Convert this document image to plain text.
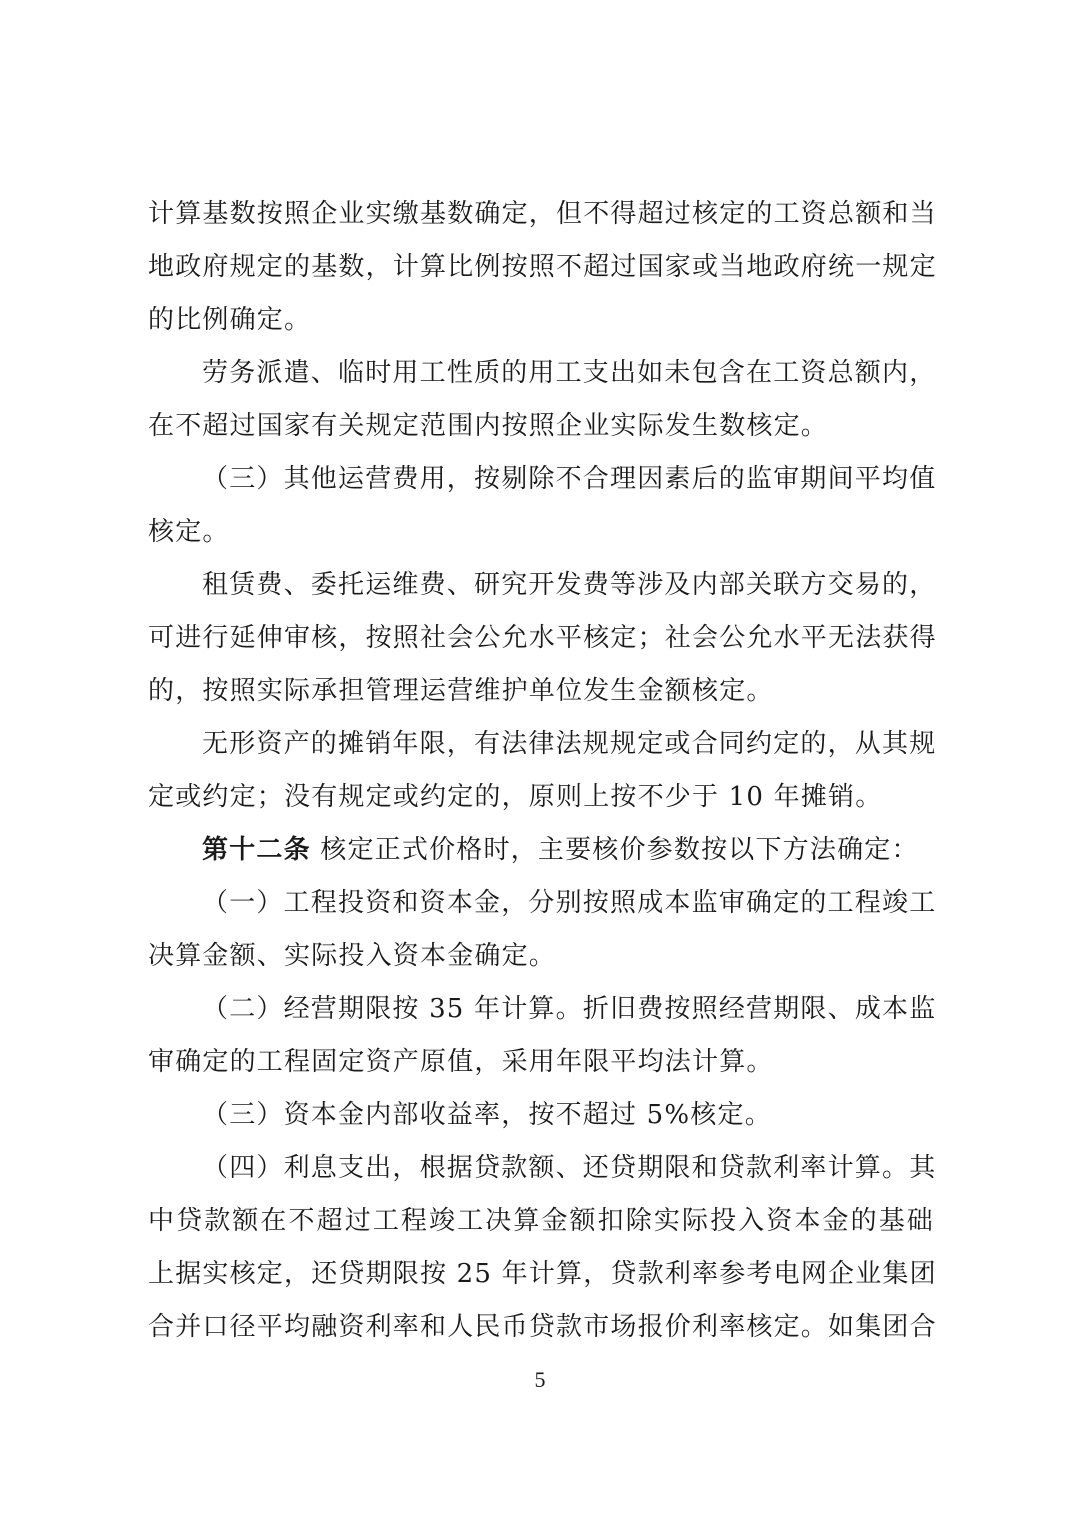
计算基数按照企业实缴基数确定，但不得超过核定的工资总额和当
地政府规定的基数，计算比例按照不超过国家或当地政府统一规定
的比例确定。
劳务派遣、临时用工性质的用工支出如未包含在工资总额内，
在不超过国家有关规定范围内按照企业实际发生数核定。
（三）其他运营费用，按剔除不合理因素后的监审期间平均值
核定。
租赁费、委托运维费、研究开发费等涉及内部关联方交易的，
可进行延伸审核，按照社会公允水平核定；社会公允水平无法获得
的，按照实际承担管理运营维护单位发生金额核定。
无形资产的摊销年限，有法律法规规定或合同约定的，从其规
定或约定；没有规定或约定的，原则上按不少于 10 年摊销。
第十二条 核定正式价格时，主要核价参数按以下方法确定：
（一）工程投资和资本金，分别按照成本监审确定的工程竣工
决算金额、实际投入资本金确定。
（二）经营期限按 35 年计算。折旧费按照经营期限、成本监
审确定的工程固定资产原值，采用年限平均法计算。
（三）资本金内部收益率，按不超过 5%核定。
（四）利息支出，根据贷款额、还贷期限和贷款利率计算。其
中贷款额在不超过工程竣工决算金额扣除实际投入资本金的基础
上据实核定，还贷期限按 25 年计算，贷款利率参考电网企业集团
合并口径平均融资利率和人民币贷款市场报价利率核定。如集团合
5
